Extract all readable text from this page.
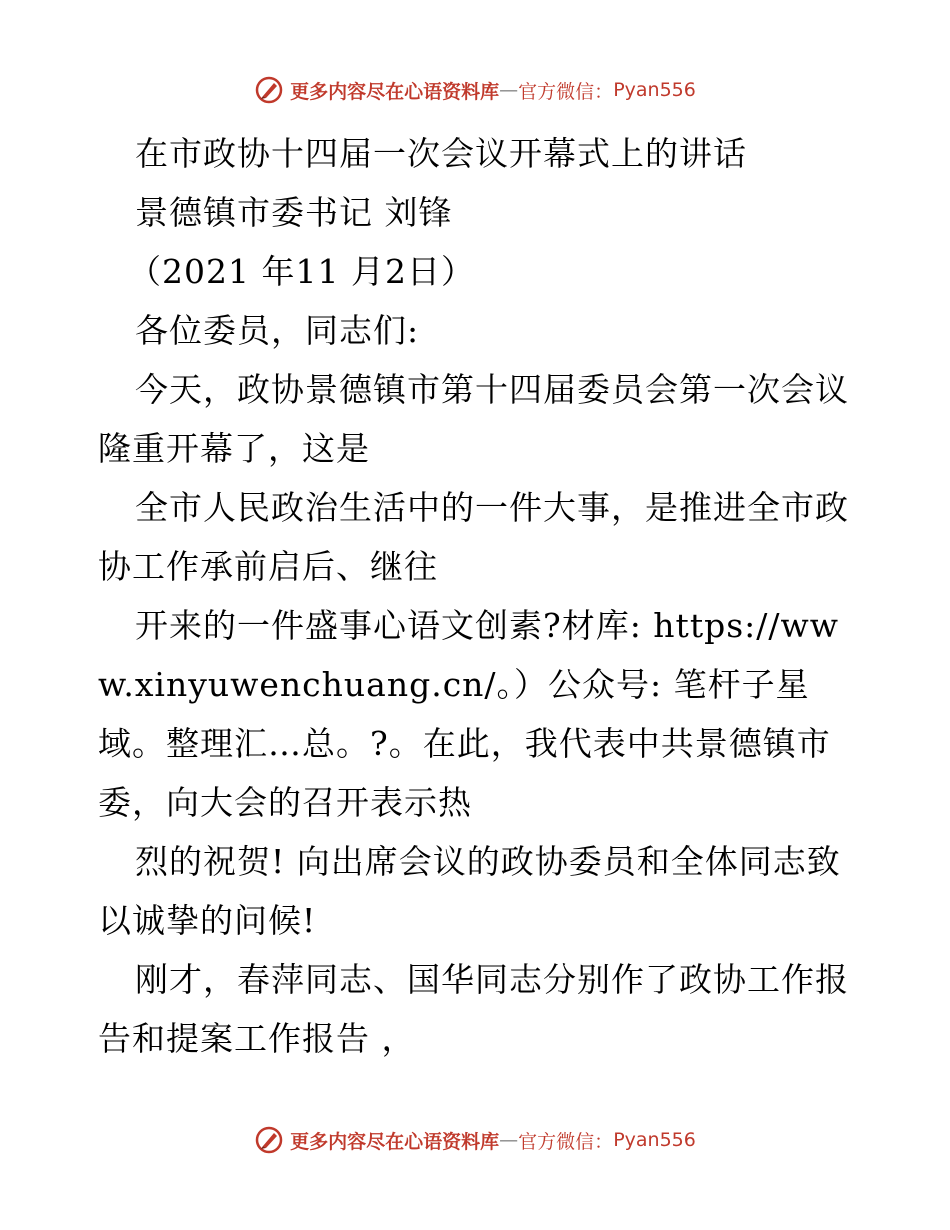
更多内容尽在心语资料库 — 官方微信： Pyan556

在市政协十四届一次会议开幕式上的讲话

景德镇市委书记 刘锋

（2021 年11 月2日）

各位委员，同志们:

今天，政协景德镇市第十四届委员会第一次会议隆重开幕了，这是

全市人民政治生活中的一件大事，是推进全市政协工作承前启后、继往

开来的一件盛事心语文创素?材库: https://www.xinyuwenchuang.cn/。）公众号: 笔杆子星域。整理汇…总。?。在此，我代表中共景德镇市委，向大会的召开表示热

烈的祝贺! 向出席会议的政协委员和全体同志致以诚挚的问候!

刚才，春萍同志、国华同志分别作了政协工作报告和提案工作报告 ，

更多内容尽在心语资料库 — 官方微信： Pyan556
